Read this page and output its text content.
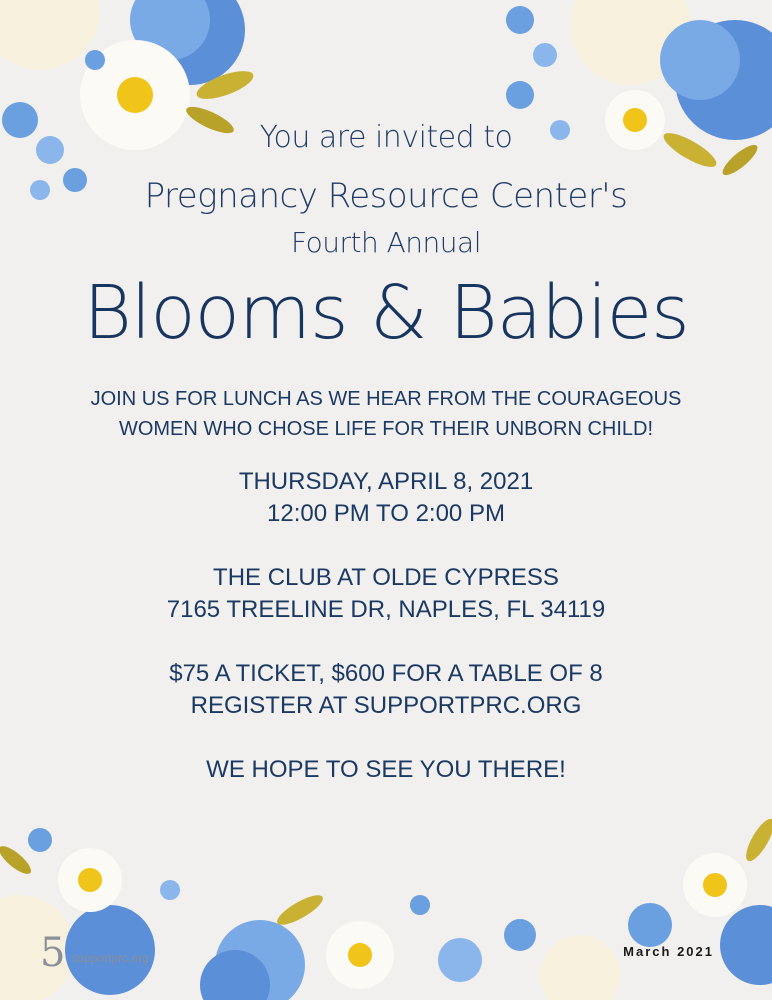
You are invited to
Pregnancy Resource Center's
Fourth Annual
Blooms & Babies
JOIN US FOR LUNCH AS WE HEAR FROM THE COURAGEOUS
WOMEN WHO CHOSE LIFE FOR THEIR UNBORN CHILD!
THURSDAY, APRIL 8, 2021
12:00 PM TO 2:00 PM
THE CLUB AT OLDE CYPRESS
7165 TREELINE DR, NAPLES, FL 34119
$75 A TICKET, $600 FOR A TABLE OF 8
REGISTER AT SUPPORTPRC.ORG
WE HOPE TO SEE YOU THERE!
5 supportprc.org	March 2021
